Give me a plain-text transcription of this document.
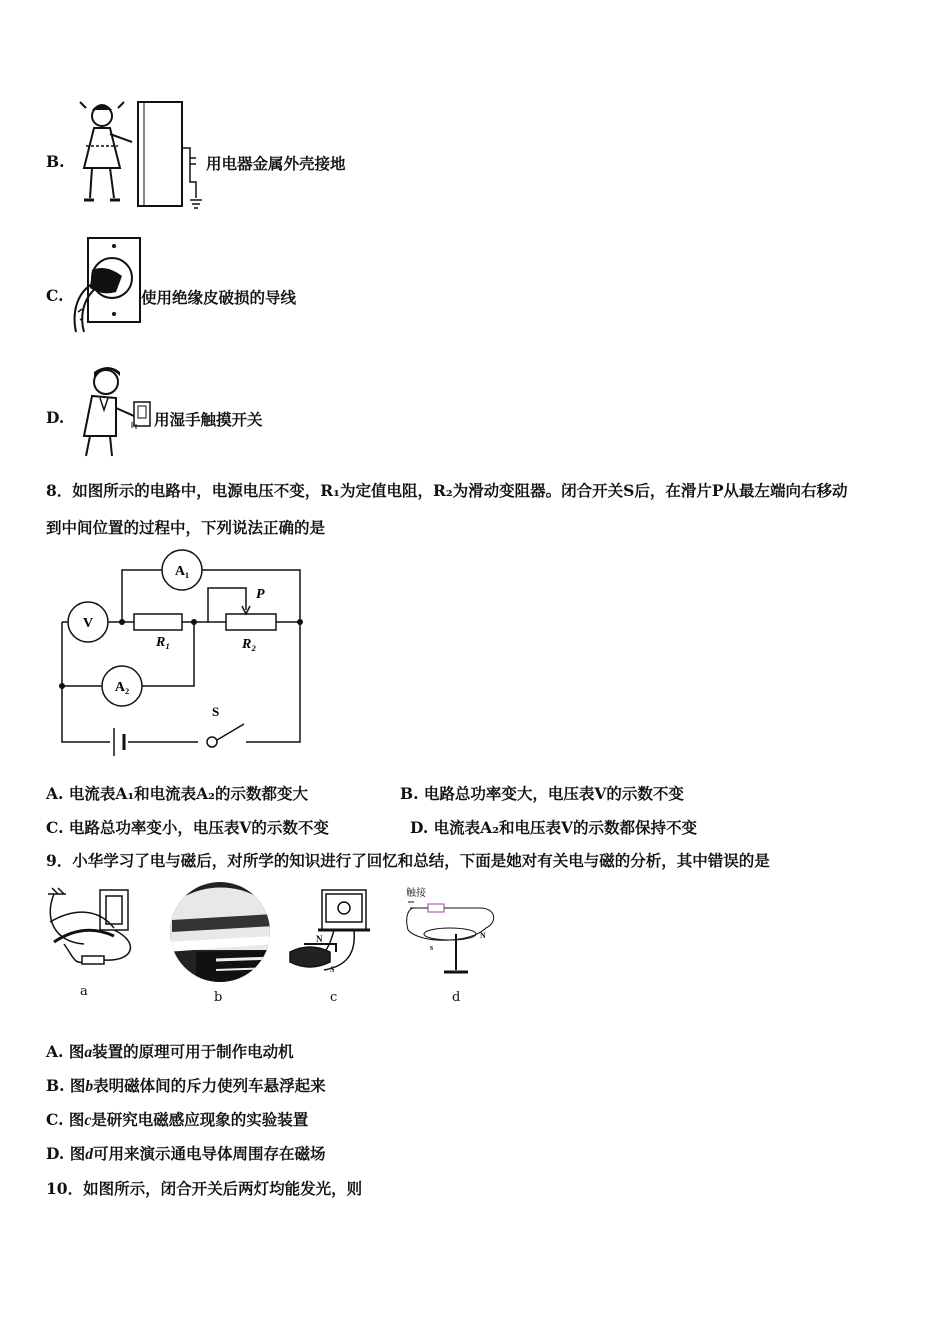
B.	用电器金属外壳接地
C.	使用绝缘皮破损的导线
D.	用湿手触摸开关
8．如图所示的电路中，电源电压不变，R₁为定值电阻，R₂为滑动变阻器。闭合开关S后，在滑片P从最左端向右移动
到中间位置的过程中，下列说法正确的是
A₁
V
A₂
R₁	R₂
P
S
A. 电流表A₁和电流表A₂的示数都变大	B. 电路总功率变大，电压表V的示数不变
C. 电路总功率变小，电压表V的示数不变	D. 电流表A₂和电压表V的示数都保持不变
9．小华学习了电与磁后，对所学的知识进行了回忆和总结，下面是她对有关电与磁的分析，其中错误的是
a	b
N
S
c
触接
s
N
d
A. 图a装置的原理可用于制作电动机
B. 图b表明磁体间的斥力使列车悬浮起来
C. 图c是研究电磁感应现象的实验装置
D. 图d可用来演示通电导体周围存在磁场
10．如图所示，闭合开关后两灯均能发光，则
